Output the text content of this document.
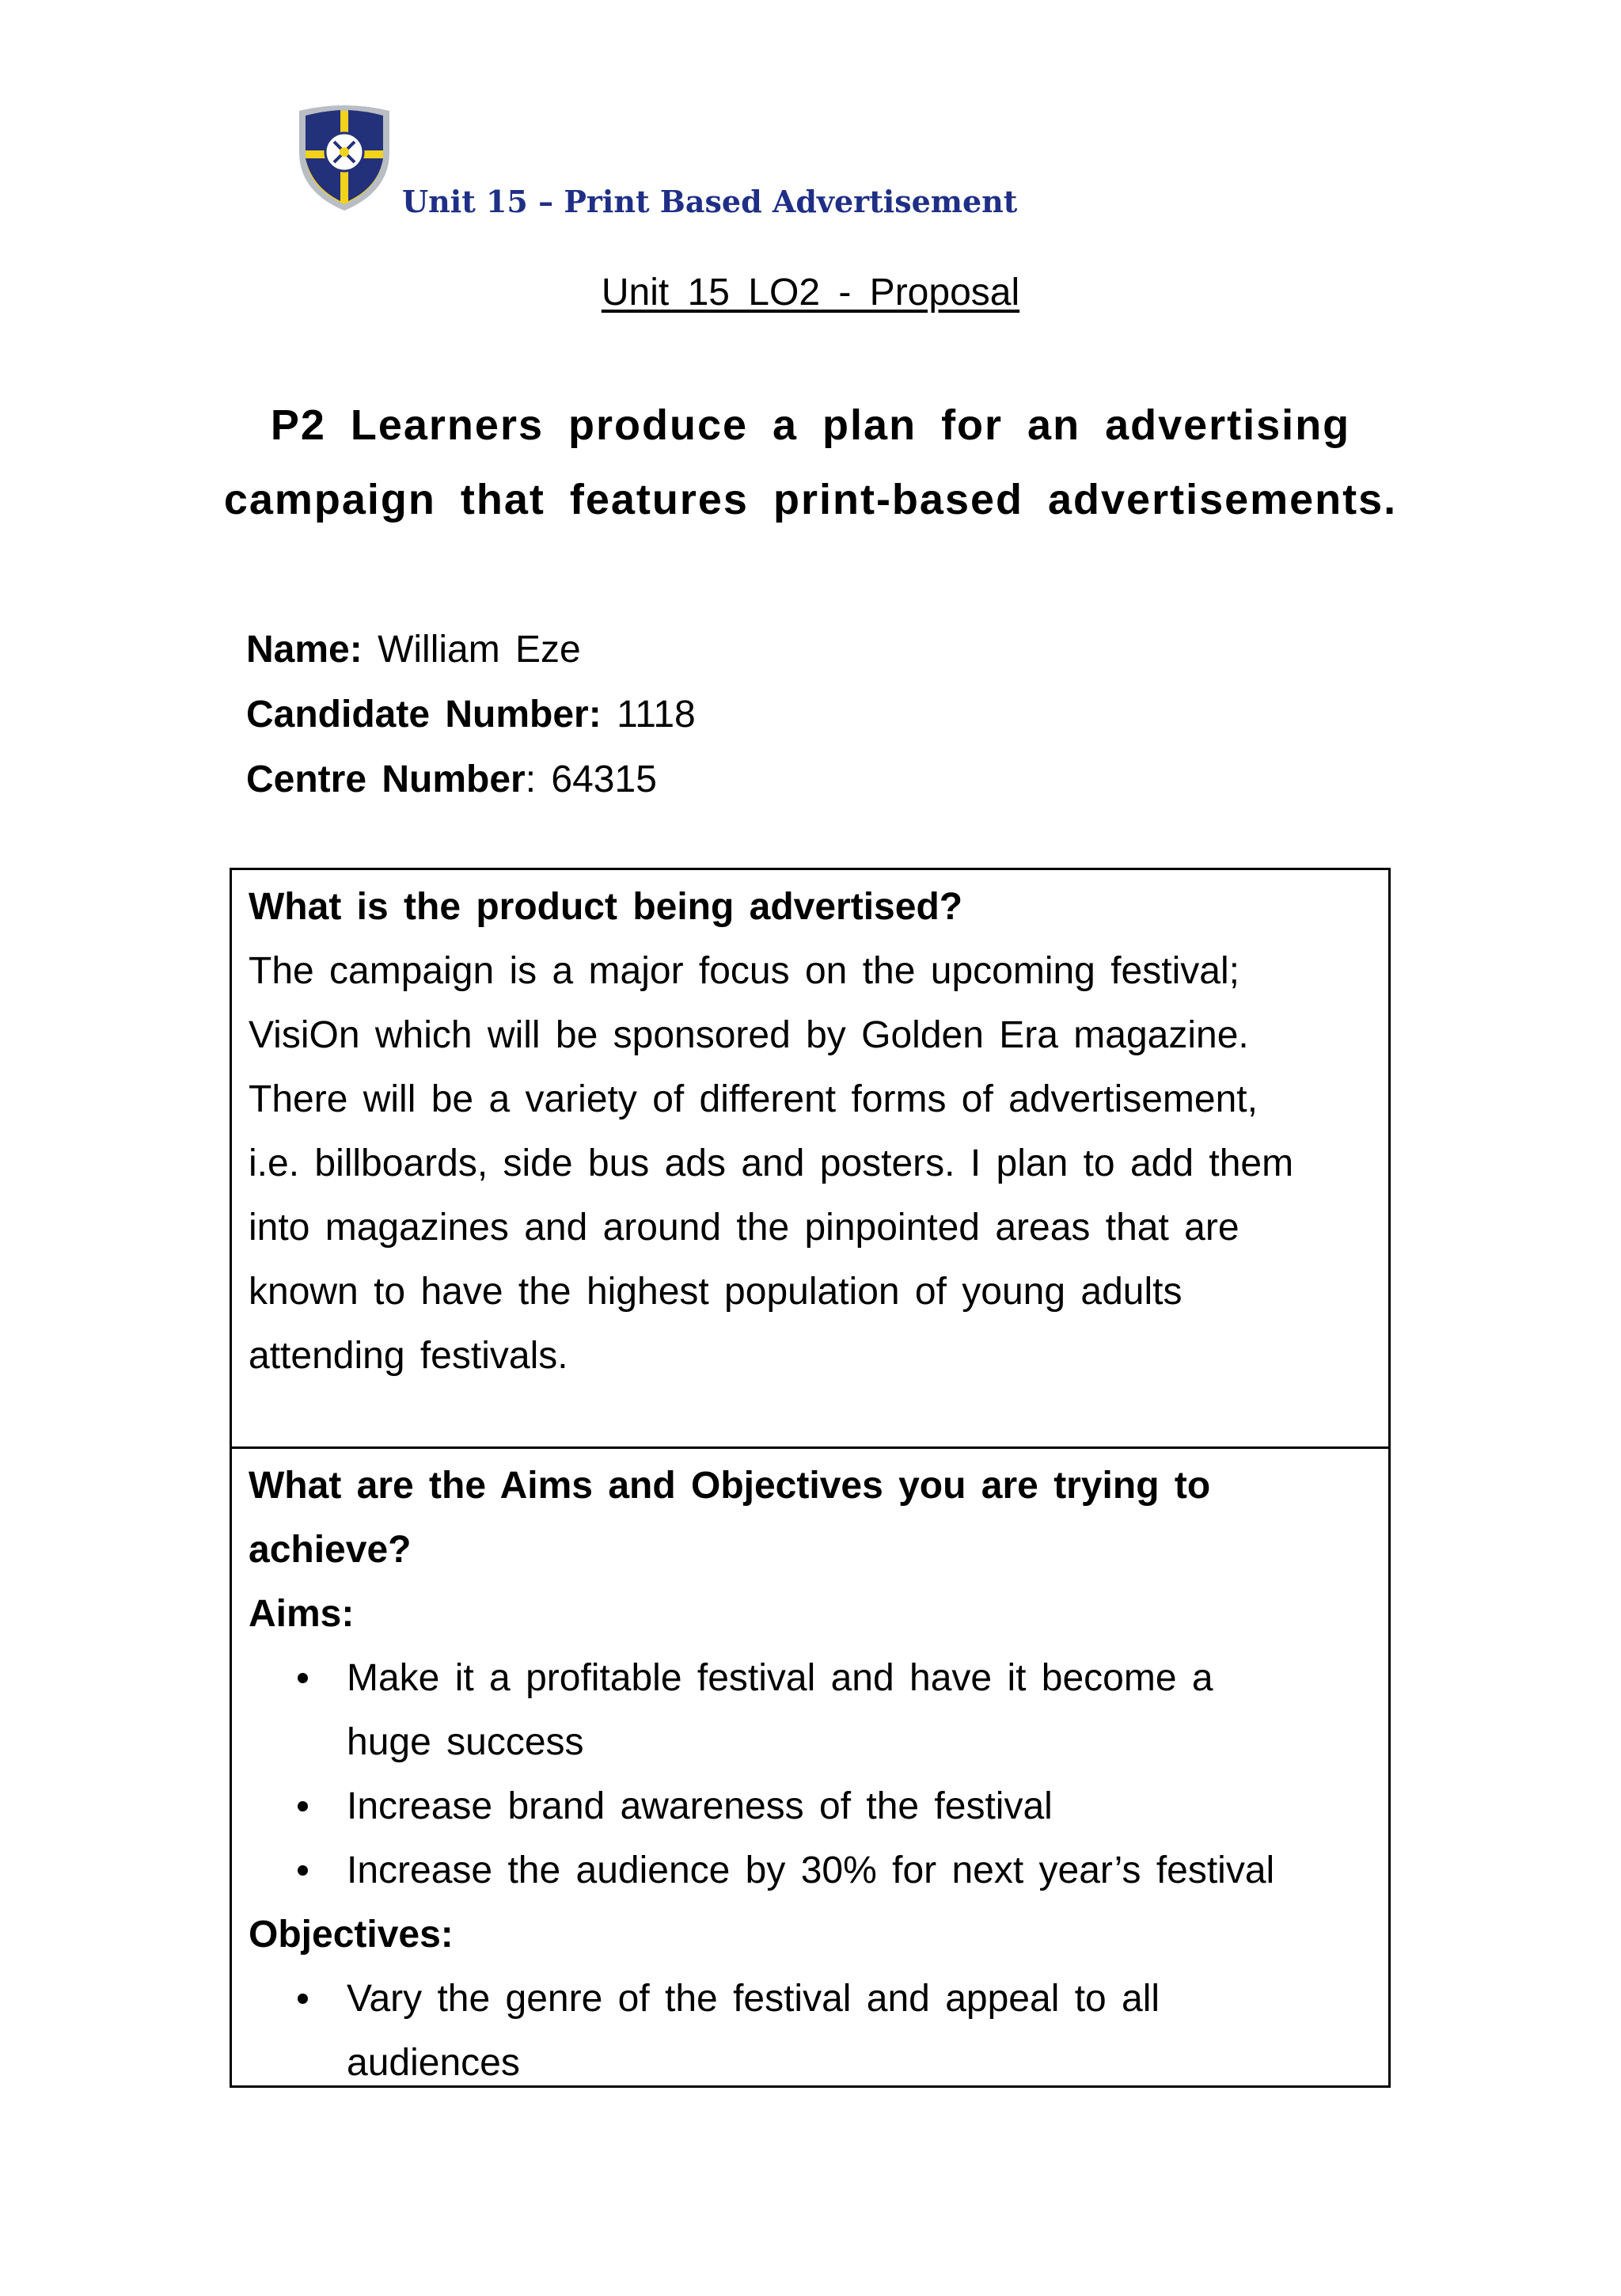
Unit 15 – Print Based Advertisement
Unit 15 LO2 - Proposal
P2 Learners produce a plan for an advertising
campaign that features print-based advertisements.
Name: William Eze
Candidate Number: 1118
Centre Number: 64315
What is the product being advertised?
The campaign is a major focus on the upcoming festival;
VisiOn which will be sponsored by Golden Era magazine.
There will be a variety of different forms of advertisement,
i.e. billboards, side bus ads and posters. I plan to add them
into magazines and around the pinpointed areas that are
known to have the highest population of young adults
attending festivals.
What are the Aims and Objectives you are trying to
achieve?
Aims:
Make it a profitable festival and have it become a
huge success
Increase brand awareness of the festival
Increase the audience by 30% for next year’s festival
Objectives:
Vary the genre of the festival and appeal to all
audiences
